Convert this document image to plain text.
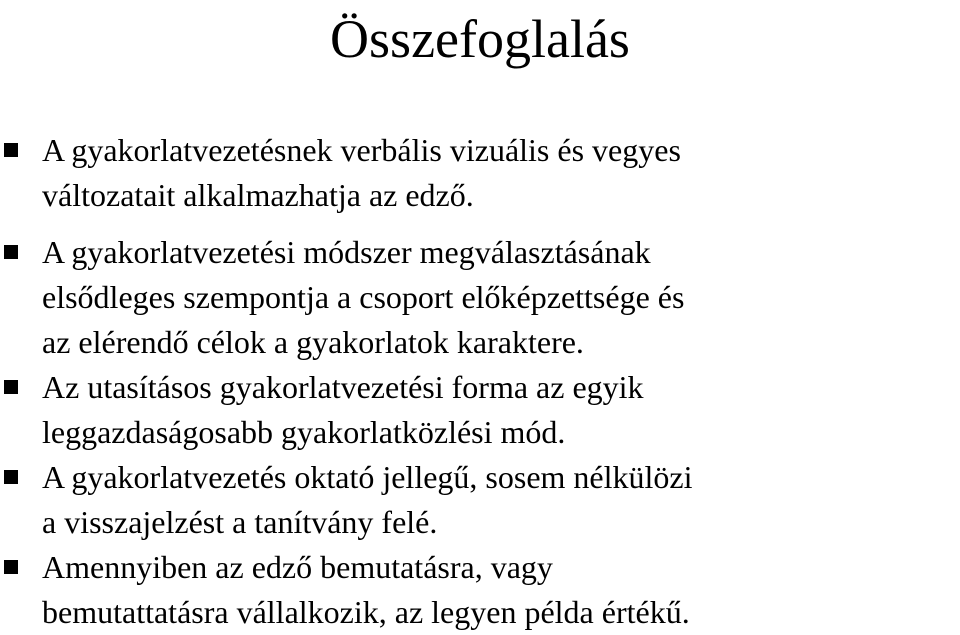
Összefoglalás
A gyakorlatvezetésnek verbális vizuális és vegyes
változatait alkalmazhatja az edző.
A gyakorlatvezetési módszer megválasztásának
elsődleges szempontja a csoport előképzettsége és
az elérendő célok a gyakorlatok karaktere.
Az utasításos gyakorlatvezetési forma az egyik
leggazdaságosabb gyakorlatközlési mód.
A gyakorlatvezetés oktató jellegű, sosem nélkülözi
a visszajelzést a tanítvány felé.
Amennyiben az edző bemutatásra, vagy
bemutattatásra vállalkozik, az legyen példa értékű.
